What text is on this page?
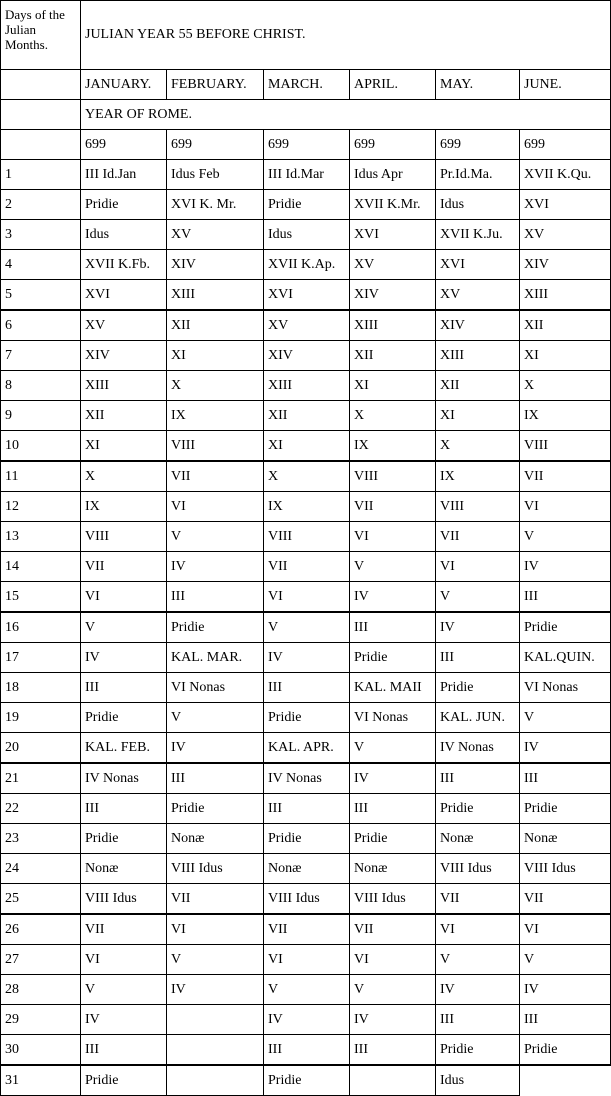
Days of the Julian Months.	JULIAN YEAR 55 BEFORE CHRIST.					
	JANUARY.	FEBRUARY.	MARCH.	APRIL.	MAY.	JUNE.
	YEAR OF ROME.					
	699	699	699	699	699	699
1	III Id.Jan	Idus Feb	III Id.Mar	Idus Apr	Pr.Id.Ma.	XVII K.Qu.
2	Pridie	XVI K. Mr.	Pridie	XVII K.Mr.	Idus	XVI
3	Idus	XV	Idus	XVI	XVII K.Ju.	XV
4	XVII K.Fb.	XIV	XVII K.Ap.	XV	XVI	XIV
5	XVI	XIII	XVI	XIV	XV	XIII
6	XV	XII	XV	XIII	XIV	XII
7	XIV	XI	XIV	XII	XIII	XI
8	XIII	X	XIII	XI	XII	X
9	XII	IX	XII	X	XI	IX
10	XI	VIII	XI	IX	X	VIII
11	X	VII	X	VIII	IX	VII
12	IX	VI	IX	VII	VIII	VI
13	VIII	V	VIII	VI	VII	V
14	VII	IV	VII	V	VI	IV
15	VI	III	VI	IV	V	III
16	V	Pridie	V	III	IV	Pridie
17	IV	KAL. MAR.	IV	Pridie	III	KAL.QUIN.
18	III	VI Nonas	III	KAL. MAII	Pridie	VI Nonas
19	Pridie	V	Pridie	VI Nonas	KAL. JUN.	V
20	KAL. FEB.	IV	KAL. APR.	V	IV Nonas	IV
21	IV Nonas	III	IV Nonas	IV	III	III
22	III	Pridie	III	III	Pridie	Pridie
23	Pridie	Nonæ	Pridie	Pridie	Nonæ	Nonæ
24	Nonæ	VIII Idus	Nonæ	Nonæ	VIII Idus	VIII Idus
25	VIII Idus	VII	VIII Idus	VIII Idus	VII	VII
26	VII	VI	VII	VII	VI	VI
27	VI	V	VI	VI	V	V
28	V	IV	V	V	IV	IV
29	IV		IV	IV	III	III
30	III		III	III	Pridie	Pridie
31	Pridie		Pridie		Idus	
